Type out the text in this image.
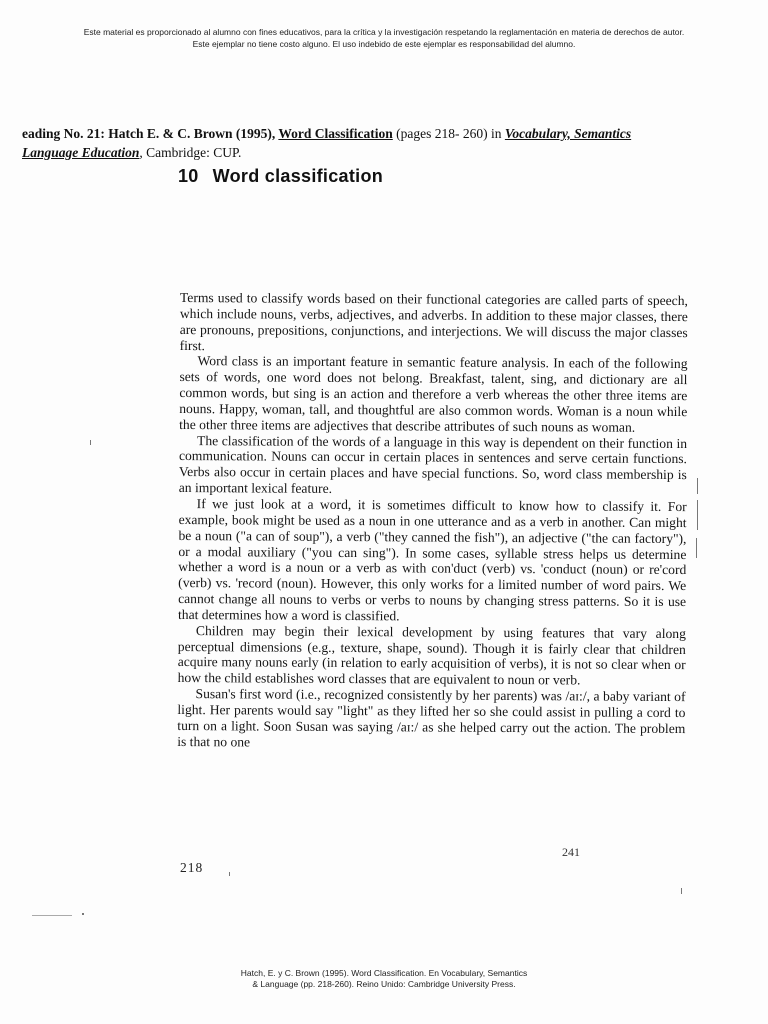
Este material es proporcionado al alumno con fines educativos, para la crítica y la investigación respetando la reglamentación en materia de derechos de autor.
Este ejemplar no tiene costo alguno. El uso indebido de este ejemplar es responsabilidad del alumno.
eading No. 21: Hatch E. & C. Brown (1995), Word Classification (pages 218- 260) in Vocabulary, Semantics
Language Education, Cambridge: CUP.
10 Word classification

Terms used to classify words based on their functional categories are called parts of speech, which include nouns, verbs, adjectives, and adverbs. In addition to these major classes, there are pronouns, prepositions, conjunctions, and interjections. We will discuss the major classes first.

Word class is an important feature in semantic feature analysis. In each of the following sets of words, one word does not belong. Breakfast, talent, sing, and dictionary are all common words, but sing is an action and therefore a verb whereas the other three items are nouns. Happy, woman, tall, and thoughtful are also common words. Woman is a noun while the other three items are adjectives that describe attributes of such nouns as woman.

The classification of the words of a language in this way is dependent on their function in communication. Nouns can occur in certain places in sentences and serve certain functions. Verbs also occur in certain places and have special functions. So, word class membership is an important lexical feature.

If we just look at a word, it is sometimes difficult to know how to classify it. For example, book might be used as a noun in one utterance and as a verb in another. Can might be a noun ("a can of soup"), a verb ("they canned the fish"), an adjective ("the can factory"), or a modal auxiliary ("you can sing"). In some cases, syllable stress helps us determine whether a word is a noun or a verb as with con'duct (verb) vs. 'conduct (noun) or re'cord (verb) vs. 'record (noun). However, this only works for a limited number of word pairs. We cannot change all nouns to verbs or verbs to nouns by changing stress patterns. So it is use that determines how a word is classified.

Children may begin their lexical development by using features that vary along perceptual dimensions (e.g., texture, shape, sound). Though it is fairly clear that children acquire many nouns early (in relation to early acquisition of verbs), it is not so clear when or how the child establishes word classes that are equivalent to noun or verb.

Susan's first word (i.e., recognized consistently by her parents) was /aɪ:/, a baby variant of light. Her parents would say "light" as they lifted her so she could assist in pulling a cord to turn on a light. Soon Susan was saying /aɪ:/ as she helped carry out the action. The problem is that no one

241
218
Hatch, E. y C. Brown (1995). Word Classification. En Vocabulary, Semantics
& Language (pp. 218-260). Reino Unido: Cambridge University Press.
